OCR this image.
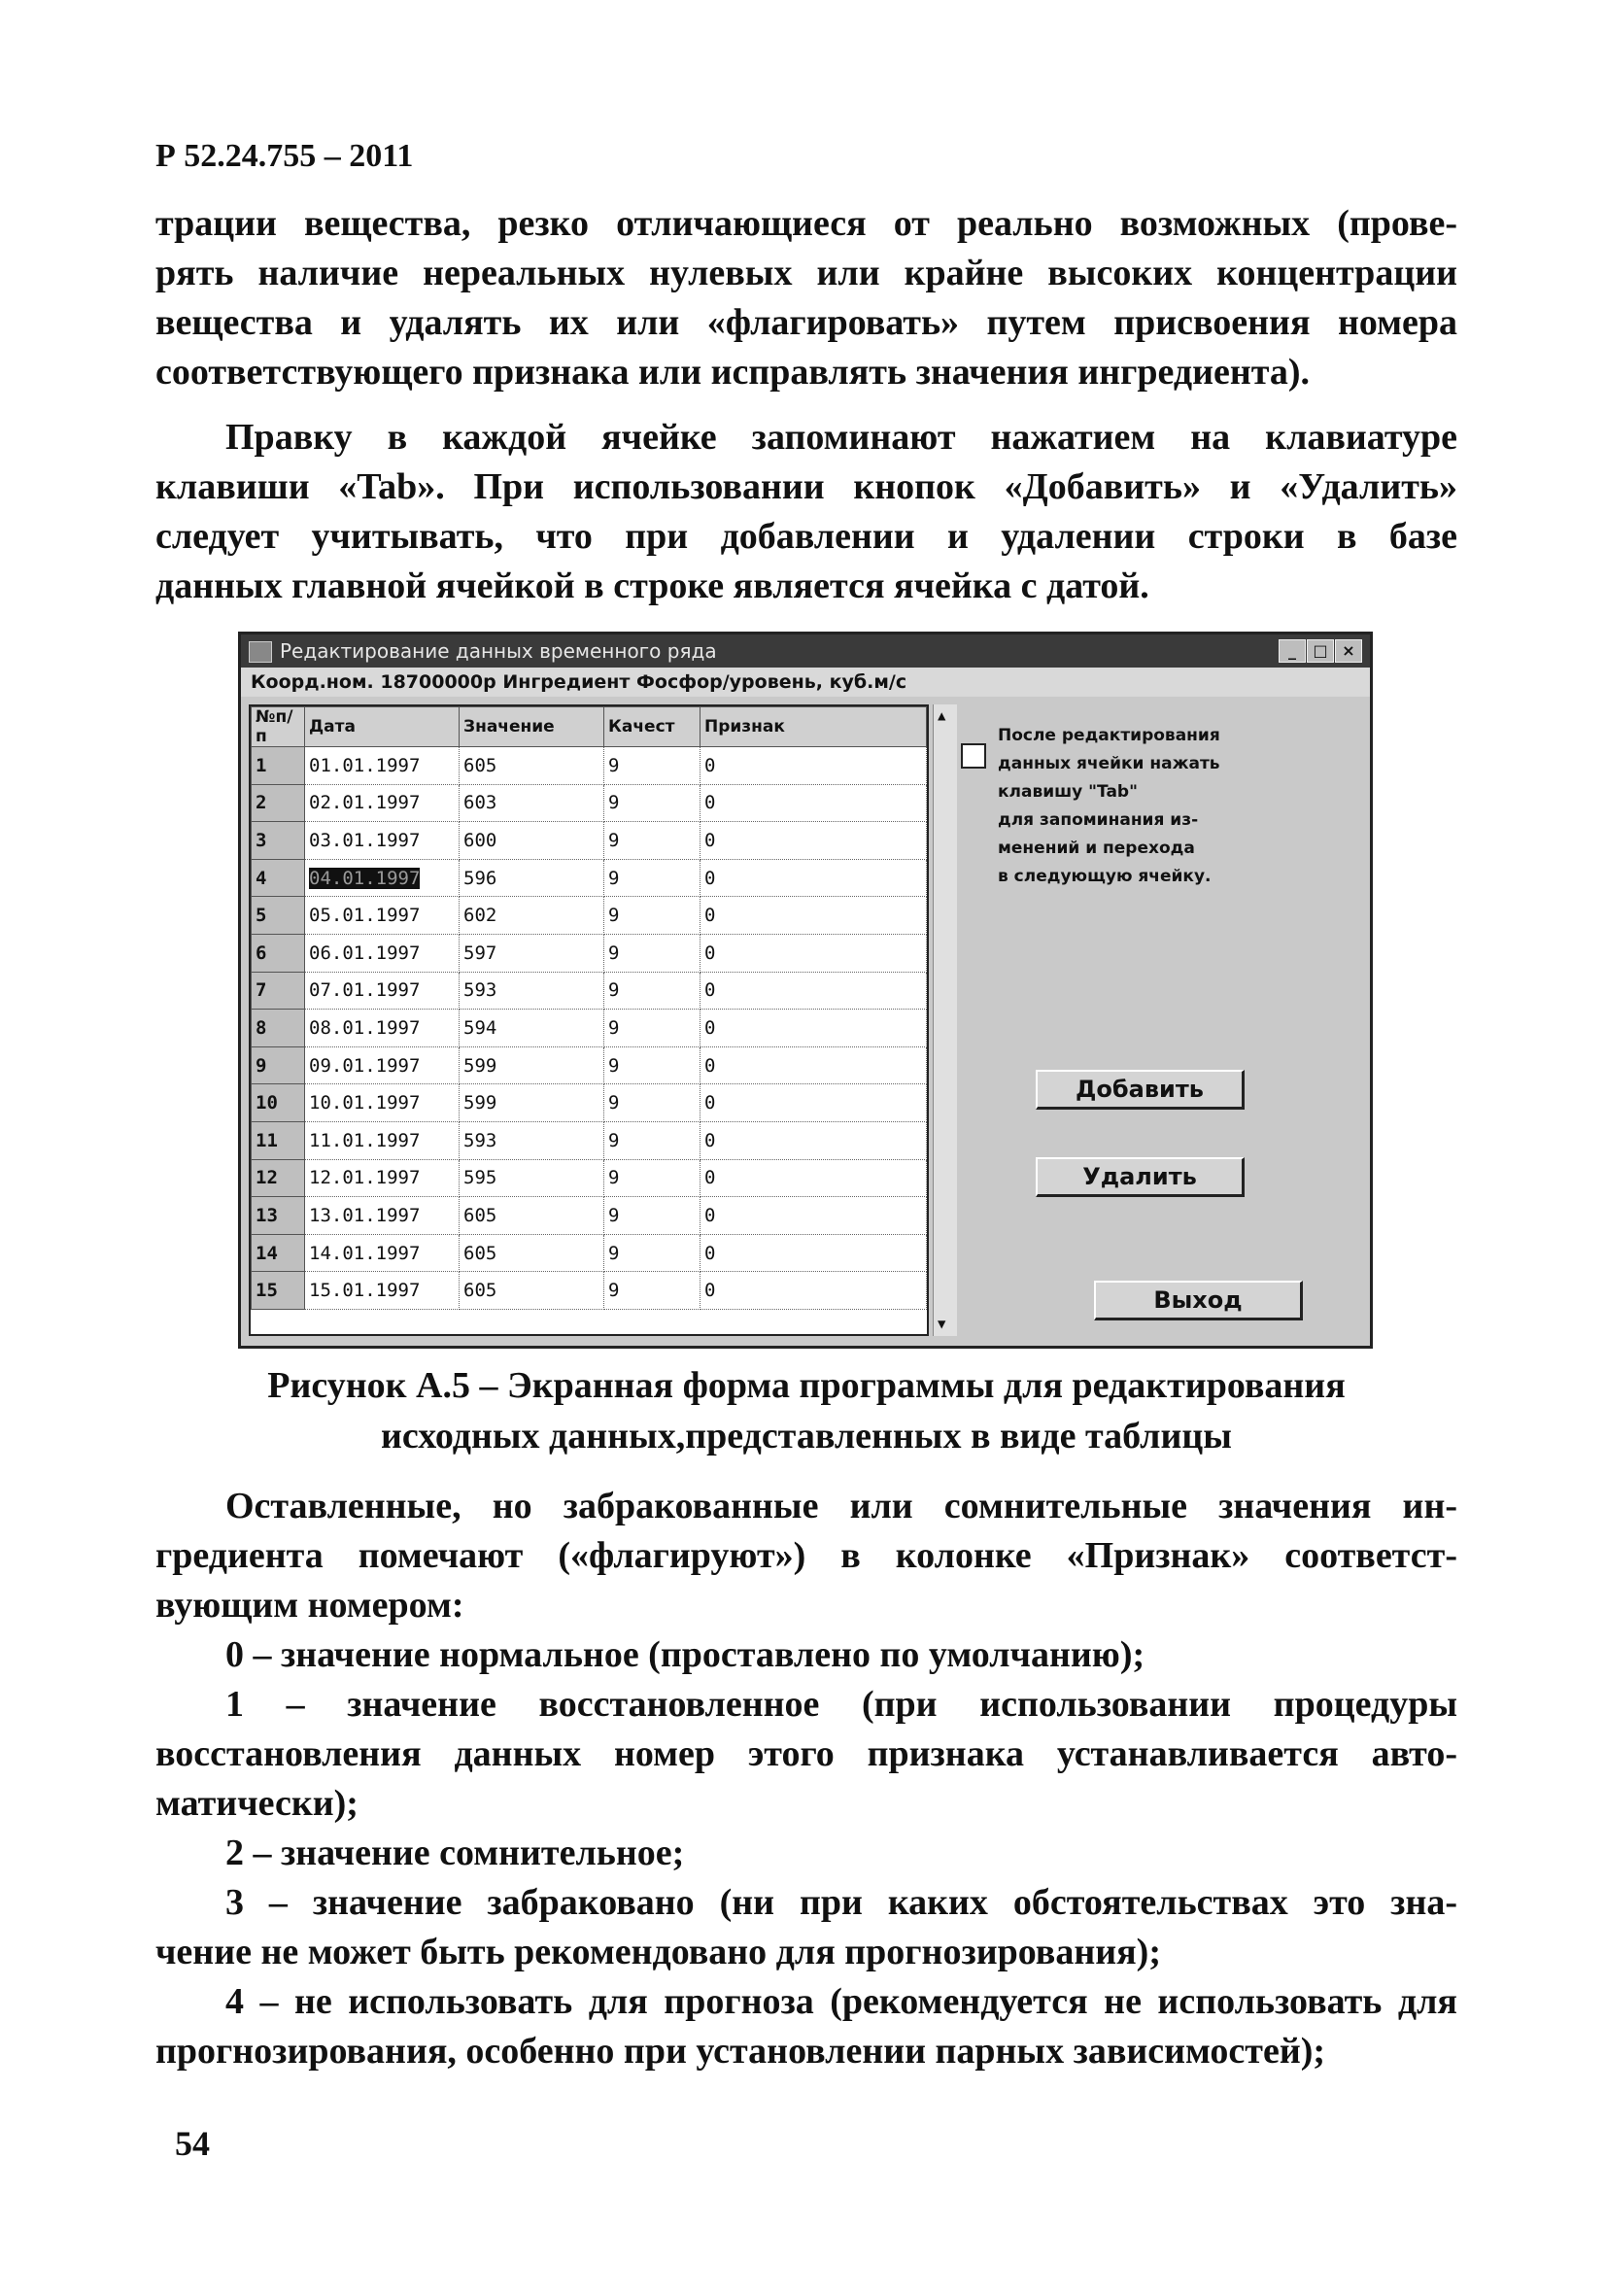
Р 52.24.755 – 2011
трации вещества, резко отличающиеся от реально возможных (прове-
рять наличие нереальных нулевых или крайне высоких концентрации
вещества и удалять их или «флагировать» путем присвоения номера
соответствующего признака или исправлять значения ингредиента).
Правку в каждой ячейке запоминают нажатием на клавиатуре
клавиши «Tab». При использовании кнопок «Добавить» и «Удалить»
следует учитывать, что при добавлении и удалении строки в базе
данных главной ячейкой в строке является ячейка с датой.
Редактирование данных временного ряда	_	□ ×
Коорд.ном. 18700000р Ингредиент Фосфор/уровень, куб.м/с
№п/п	Дата	Значение	Качест	Признак
1	01.01.1997	605	9	0
2	02.01.1997	603	9	0
3	03.01.1997	600	9	0
4	04.01.1997	596	9	0
5	05.01.1997	602	9	0
6	06.01.1997	597	9	0
7	07.01.1997	593	9	0
8	08.01.1997	594	9	0
9	09.01.1997	599	9	0
10	10.01.1997	599	9	0
11	11.01.1997	593	9	0
12	12.01.1997	595	9	0
13	13.01.1997	605	9	0
14	14.01.1997	605	9	0
15	15.01.1997	605	9	0
▲
▼
После редактирования
данных ячейки нажать
клавишу "Tab"
для запоминания из-
менений и перехода
в следующую ячейку.
Добавить
Удалить
Выход
Рисунок А.5 – Экранная форма программы для редактирования
исходных данных,представленных в виде таблицы
Оставленные, но забракованные или сомнительные значения ин-
гредиента помечают («флагируют») в колонке «Признак» соответст-
вующим номером:
0 – значение нормальное (проставлено по умолчанию);
1 – значение восстановленное (при использовании процедуры
восстановления данных номер этого признака устанавливается авто-
матически);
2 – значение сомнительное;
3 – значение забраковано (ни при каких обстоятельствах это зна-
чение не может быть рекомендовано для прогнозирования);
4 – не использовать для прогноза (рекомендуется не использовать для
прогнозирования, особенно при установлении парных зависимостей);
54
